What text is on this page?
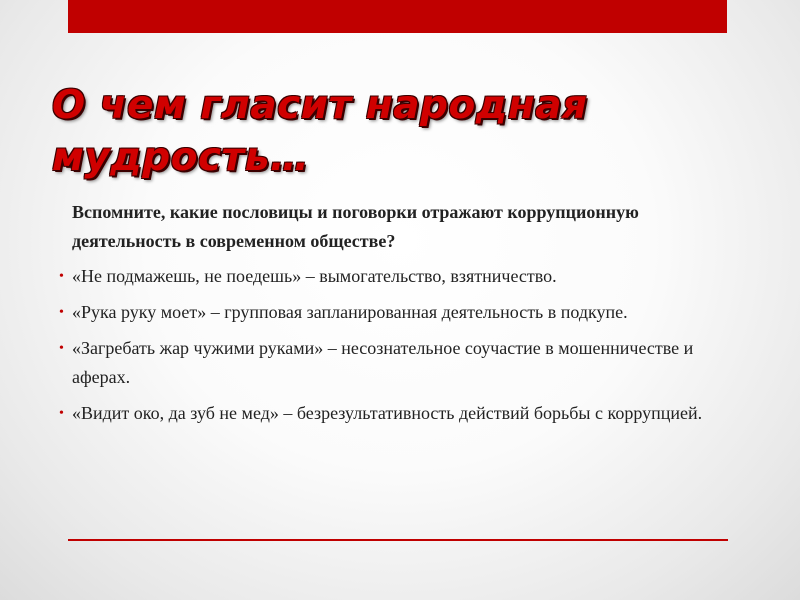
О чем гласит народная мудрость…

Вспомните, какие пословицы и поговорки отражают коррупционную деятельность в современном обществе?

• «Не подмажешь, не поедешь» – вымогательство, взятничество.
• «Рука руку моет» – групповая запланированная деятельность в подкупе.
• «Загребать жар чужими руками» – несознательное соучастие в мошенничестве и аферах.
• «Видит око, да зуб не мед» – безрезультативность действий борьбы с коррупцией.
